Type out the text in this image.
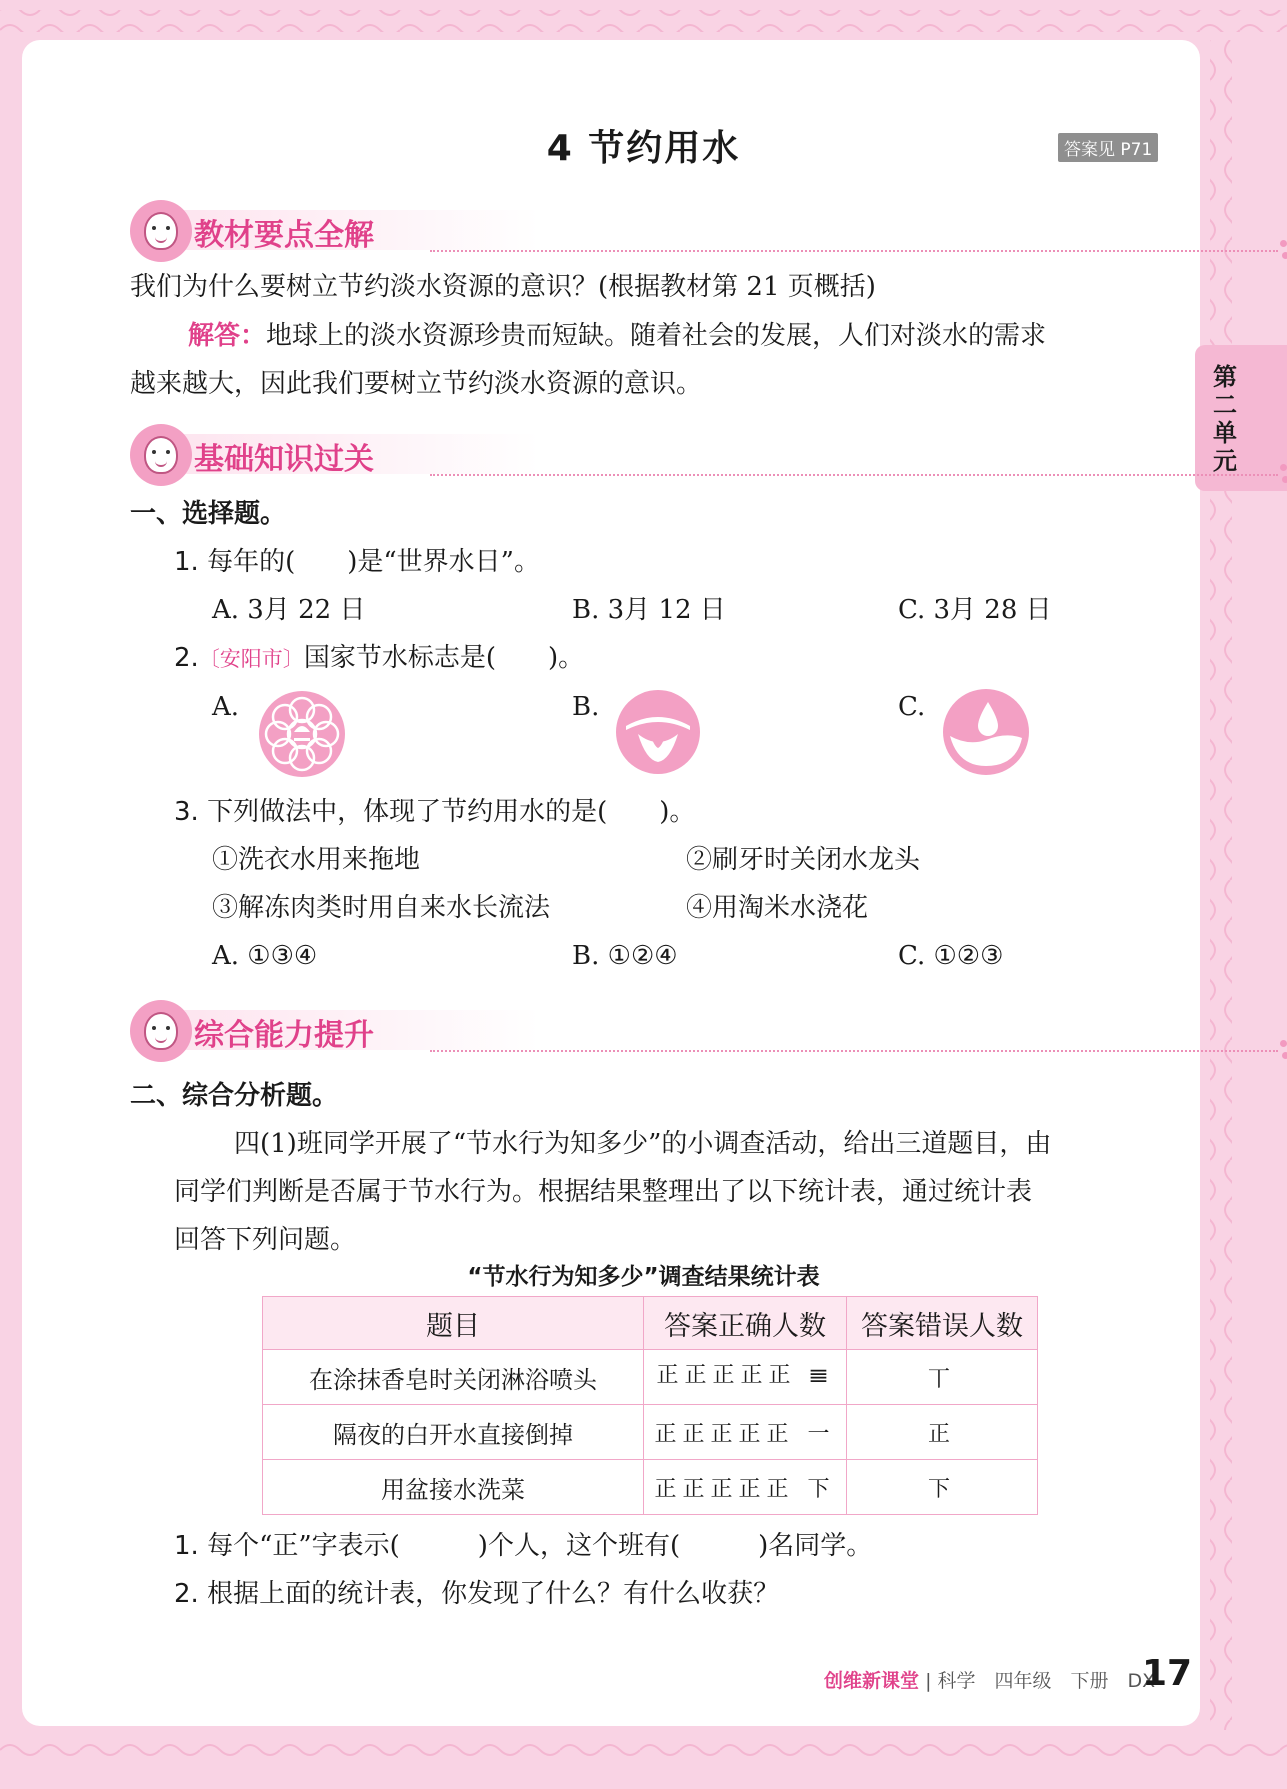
4 节约用水	答案见 P71
第二单元
教材要点全解
我们为什么要树立节约淡水资源的意识？(根据教材第 21 页概括)
解答：地球上的淡水资源珍贵而短缺。随着社会的发展，人们对淡水的需求
越来越大，因此我们要树立节约淡水资源的意识。
基础知识过关
一、选择题。
1. 每年的(　　)是“世界水日”。
A. 3月 22 日	B. 3月 12 日	C. 3月 28 日
2.〔安阳市〕国家节水标志是(　　)。
A.	B.	C.
3. 下列做法中，体现了节约用水的是(　　)。
①洗衣水用来拖地	②刷牙时关闭水龙头
③解冻肉类时用自来水长流法	④用淘米水浇花
A. ①③④	B. ①②④	C. ①②③
综合能力提升
二、综合分析题。
四(1)班同学开展了“节水行为知多少”的小调查活动，给出三道题目，由
同学们判断是否属于节水行为。根据结果整理出了以下统计表，通过统计表
回答下列问题。
“节水行为知多少”调查结果统计表
题目	答案正确人数	答案错误人数
在涂抹香皂时关闭淋浴喷头	正正正正正 𝍣	丅
隔夜的白开水直接倒掉	正正正正正 一	正
用盆接水洗菜	正正正正正 下	下
1. 每个“正”字表示(　　　)个人，这个班有(　　　)名同学。
2. 根据上面的统计表，你发现了什么？有什么收获？
创维新课堂 | 科学　四年级　下册　DX
17
